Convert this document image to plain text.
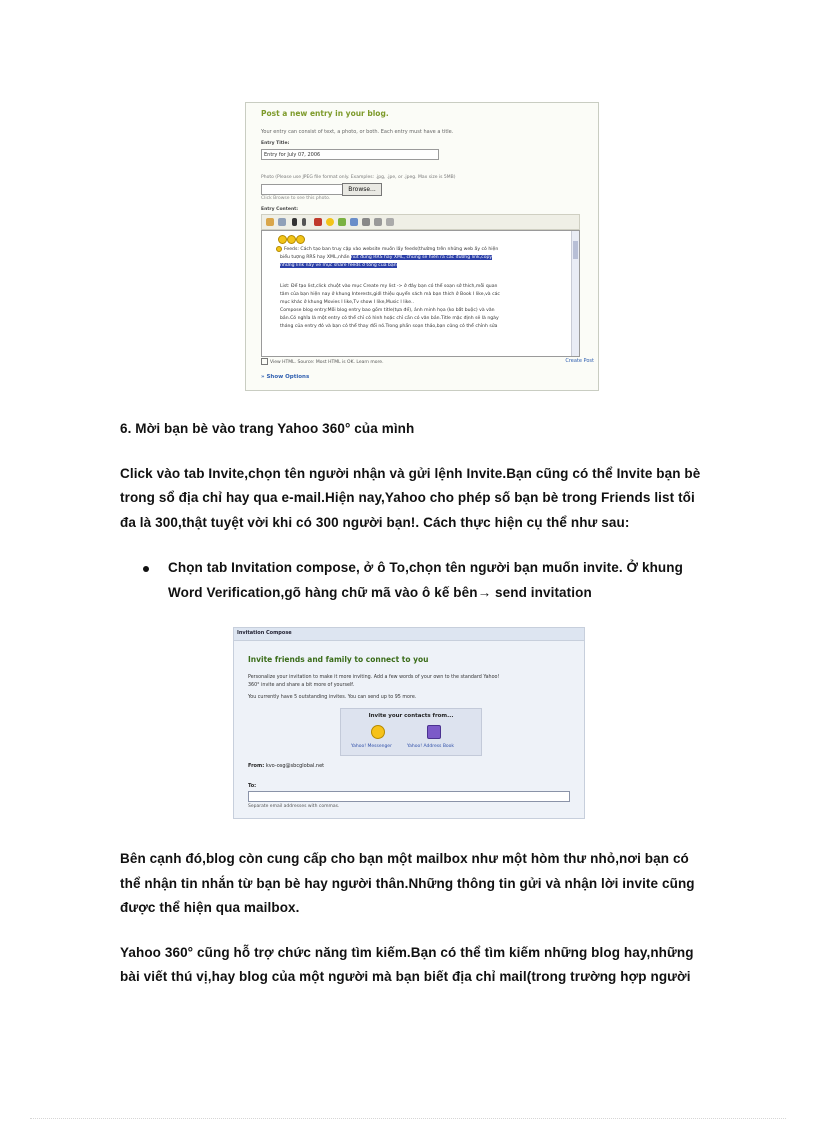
Post a new entry in your blog.
Your entry can consist of text, a photo, or both. Each entry must have a title.
Entry Title:
Entry for July 07, 2006
Photo (Please use JPEG file format only. Examples: .jpg, .jpe, or .jpeg. Max size is 5MB)
Browse...
Click Browse to see this photo.
Entry Content:
Feeds: Cách tạo ban truy cập vào website muốn lấy feeds(thường trên những web ấy có hiện
biểu tượng RRS hay XML,nhấn nút đúng RRS hay XML, chúng sẽ hiển ra các đường link,copy
những link này về mục share feeds ở tổng của bạn
List: Để tạo list,click chuột vào mục Create my list -> ở đây bạn có thể soạn sở thích,mỗi quan
tâm của bạn hiện nay ở khung Interests,giới thiệu quyển sách mà bạn thích ở Book I like,và các
mục khác ở khung Movies I like,Tv show I like,Music I like..
Compose blog entry:Mỗi blog entry bao gồm title(tựa đề), ảnh minh họa (ko bắt buộc) và văn
bản.Có nghĩa là một entry có thể chỉ có hình hoặc chỉ cần có văn bản.Title mặc định sẽ là ngày
tháng của entry đó và bạn có thể thay đổi nó.Trong phần soạn thảo,bạn cũng có thể chỉnh sửa
View HTML. Source: Most HTML is OK. Learn more.	Create Post
» Show Options
6. Mời bạn bè vào trang Yahoo 360° của mình
Click vào tab Invite,chọn tên người nhận và gửi lệnh Invite.Bạn cũng có thể Invite bạn bè
trong sổ địa chỉ hay qua e-mail.Hiện nay,Yahoo cho phép số bạn bè trong Friends list tối
đa là 300,thật tuyệt vời khi có 300 người bạn!. Cách thực hiện cụ thể như sau:
Chọn tab Invitation compose, ở ô To,chọn tên người bạn muốn invite. Ở khung
Word Verification,gõ hàng chữ mã vào ô kế bên→ send invitation
Invitation Compose
Invite friends and family to connect to you
Personalize your invitation to make it more inviting. Add a few words of your own to the standard Yahoo!
360° invite and share a bit more of yourself.
You currently have 5 outstanding invites. You can send up to 95 more.
Invite your contacts from...
Yahoo! Messenger	Yahoo! Address Book
From: kvo-osg@sbcglobal.net
To:
Separate email addresses with commas.
Bên cạnh đó,blog còn cung cấp cho bạn một mailbox như một hòm thư nhỏ,nơi bạn có
thể nhận tin nhắn từ bạn bè hay người thân.Những thông tin gửi và nhận lời invite cũng
được thể hiện qua mailbox.
Yahoo 360° cũng hỗ trợ chức năng tìm kiếm.Bạn có thể tìm kiếm những blog hay,những
bài viết thú vị,hay blog của một người mà bạn biết địa chỉ mail(trong trường hợp người
